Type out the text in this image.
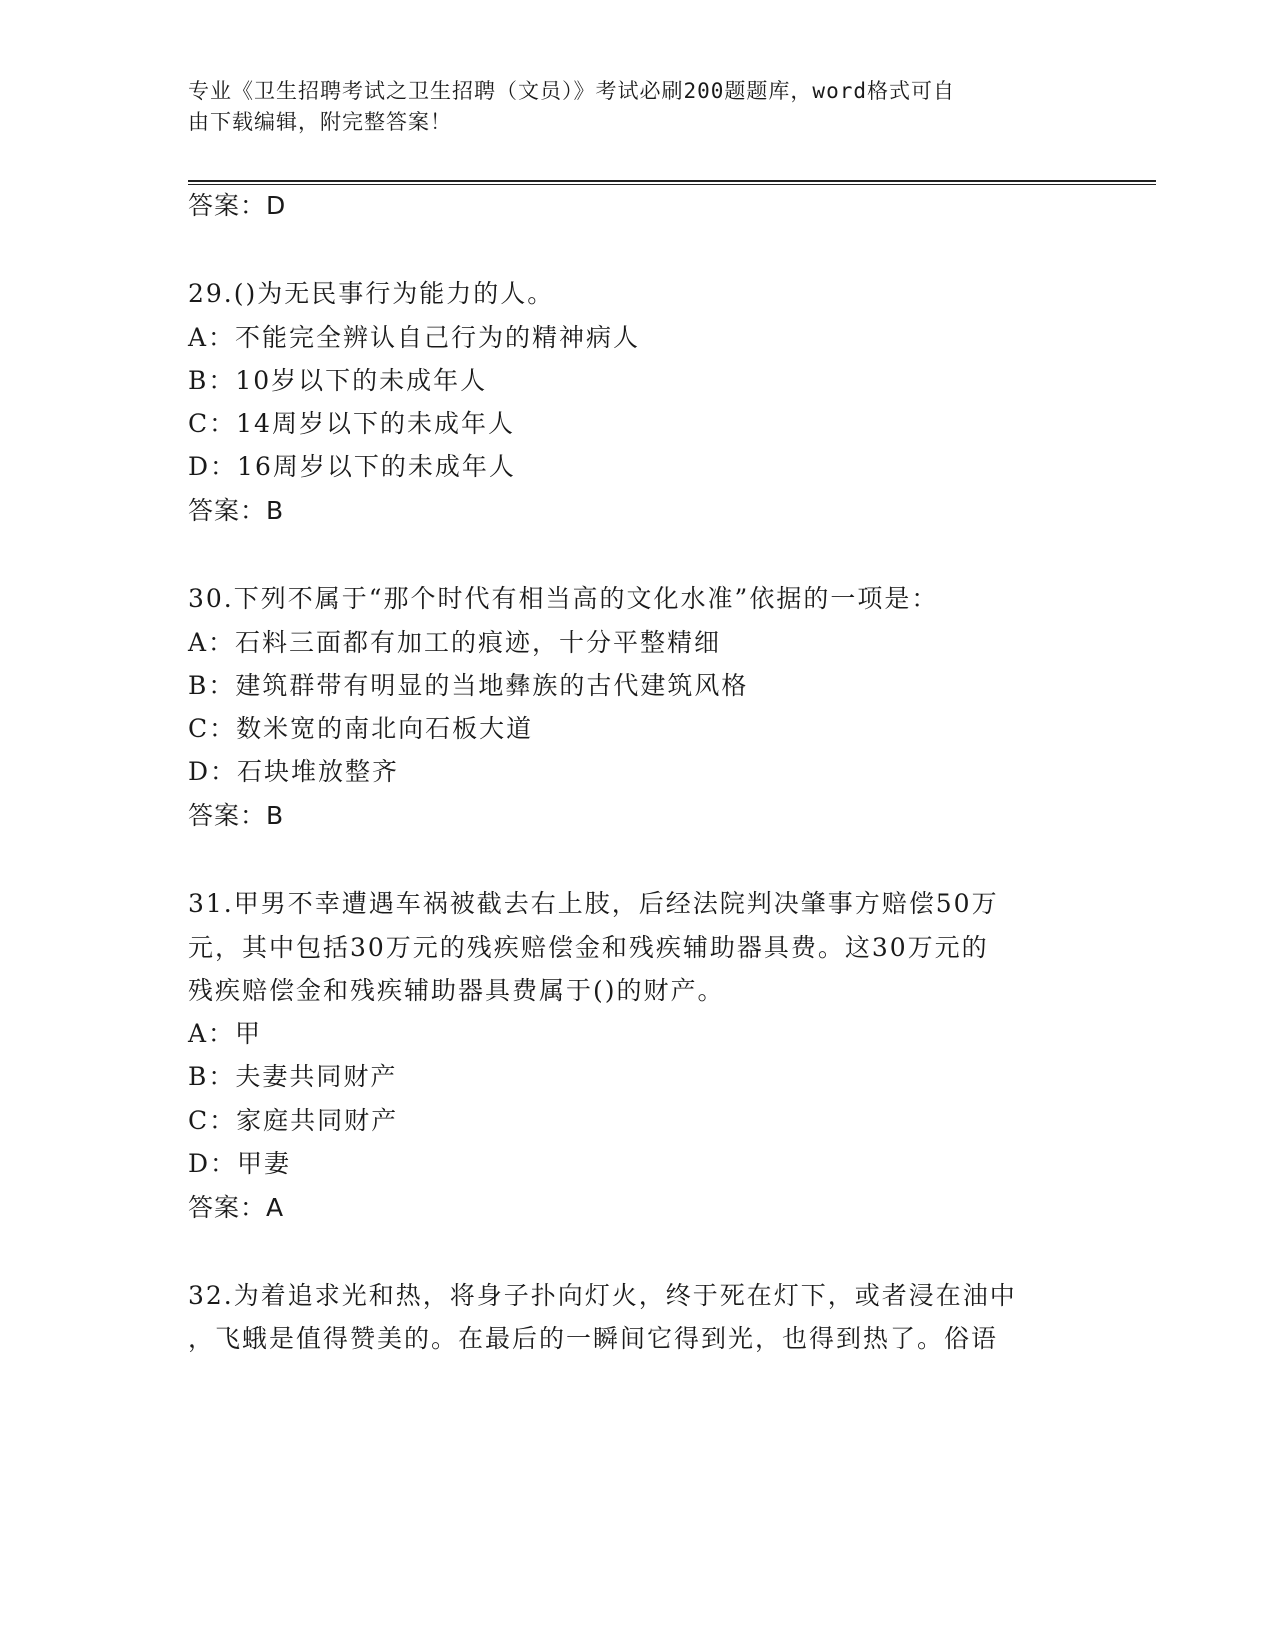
专业《卫生招聘考试之卫生招聘（文员）》考试必刷200题题库，word格式可自
由下载编辑，附完整答案！
答案：D
29.()为无民事行为能力的人。
A：不能完全辨认自己行为的精神病人
B：10岁以下的未成年人
C：14周岁以下的未成年人
D：16周岁以下的未成年人
答案：B
30.下列不属于“那个时代有相当高的文化水准”依据的一项是：
A：石料三面都有加工的痕迹，十分平整精细
B：建筑群带有明显的当地彝族的古代建筑风格
C：数米宽的南北向石板大道
D：石块堆放整齐
答案：B
31.甲男不幸遭遇车祸被截去右上肢，后经法院判决肇事方赔偿50万
元，其中包括30万元的残疾赔偿金和残疾辅助器具费。这30万元的
残疾赔偿金和残疾辅助器具费属于()的财产。
A：甲
B：夫妻共同财产
C：家庭共同财产
D：甲妻
答案：A
32.为着追求光和热，将身子扑向灯火，终于死在灯下，或者浸在油中
，飞蛾是值得赞美的。在最后的一瞬间它得到光，也得到热了。俗语
